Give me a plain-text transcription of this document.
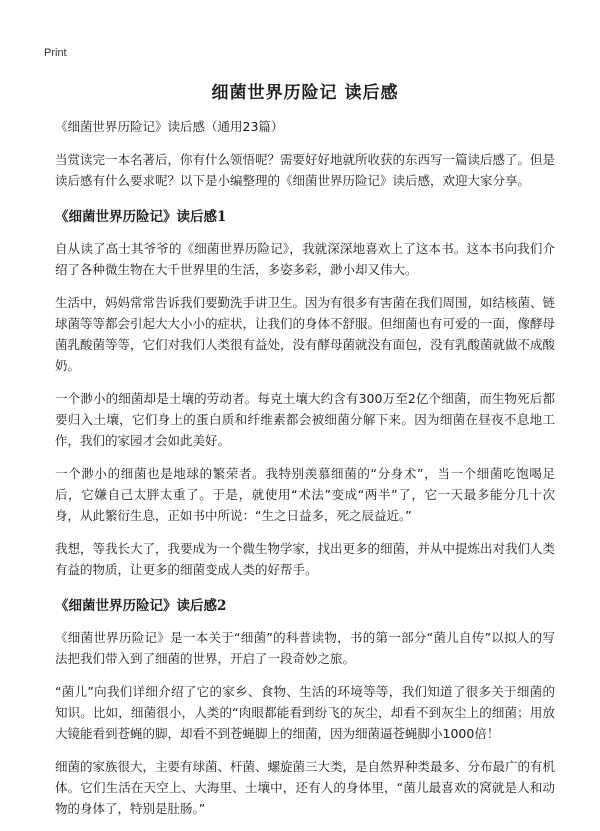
Print
细菌世界历险记 读后感
《细菌世界历险记》读后感（通用23篇）

当赏读完一本名著后，你有什么领悟呢？需要好好地就所收获的东西写一篇读后感了。但是读后感有什么要求呢？以下是小编整理的《细菌世界历险记》读后感，欢迎大家分享。

《细菌世界历险记》读后感1

自从读了高士其爷爷的《细菌世界历险记》，我就深深地喜欢上了这本书。这本书向我们介绍了各种微生物在大千世界里的生活，多姿多彩，渺小却又伟大。

生活中，妈妈常常告诉我们要勤洗手讲卫生。因为有很多有害菌在我们周围，如结核菌、链球菌等等都会引起大大小小的症状，让我们的身体不舒服。但细菌也有可爱的一面，像酵母菌乳酸菌等等，它们对我们人类很有益处，没有酵母菌就没有面包，没有乳酸菌就做不成酸奶。

一个渺小的细菌却是土壤的劳动者。每克土壤大约含有300万至2亿个细菌，而生物死后都要归入土壤，它们身上的蛋白质和纤维素都会被细菌分解下来。因为细菌在昼夜不息地工作，我们的家园才会如此美好。

一个渺小的细菌也是地球的繁荣者。我特别羡慕细菌的“分身术”，当一个细菌吃饱喝足后，它嫌自己太胖太重了。于是，就使用“术法”变成“两半”了，它一天最多能分几十次身，从此繁衍生息，正如书中所说：“生之日益多，死之辰益近。”

我想，等我长大了，我要成为一个微生物学家，找出更多的细菌，并从中提炼出对我们人类有益的物质，让更多的细菌变成人类的好帮手。

《细菌世界历险记》读后感2

《细菌世界历险记》是一本关于“细菌”的科普读物，书的第一部分“菌儿自传”以拟人的写法把我们带入到了细菌的世界，开启了一段奇妙之旅。

“菌儿”向我们详细介绍了它的家乡、食物、生活的环境等等，我们知道了很多关于细菌的知识。比如，细菌很小，人类的“肉眼都能看到纷飞的灰尘，却看不到灰尘上的细菌；用放大镜能看到苍蝇的脚，却看不到苍蝇脚上的细菌，因为细菌逼苍蝇脚小1000倍！

细菌的家族很大，主要有球菌、杆菌、螺旋菌三大类，是自然界种类最多、分布最广的有机体。它们生活在天空上、大海里、土壤中，还有人的身体里，“菌儿最喜欢的窝就是人和动物的身体了，特别是肚肠。”
